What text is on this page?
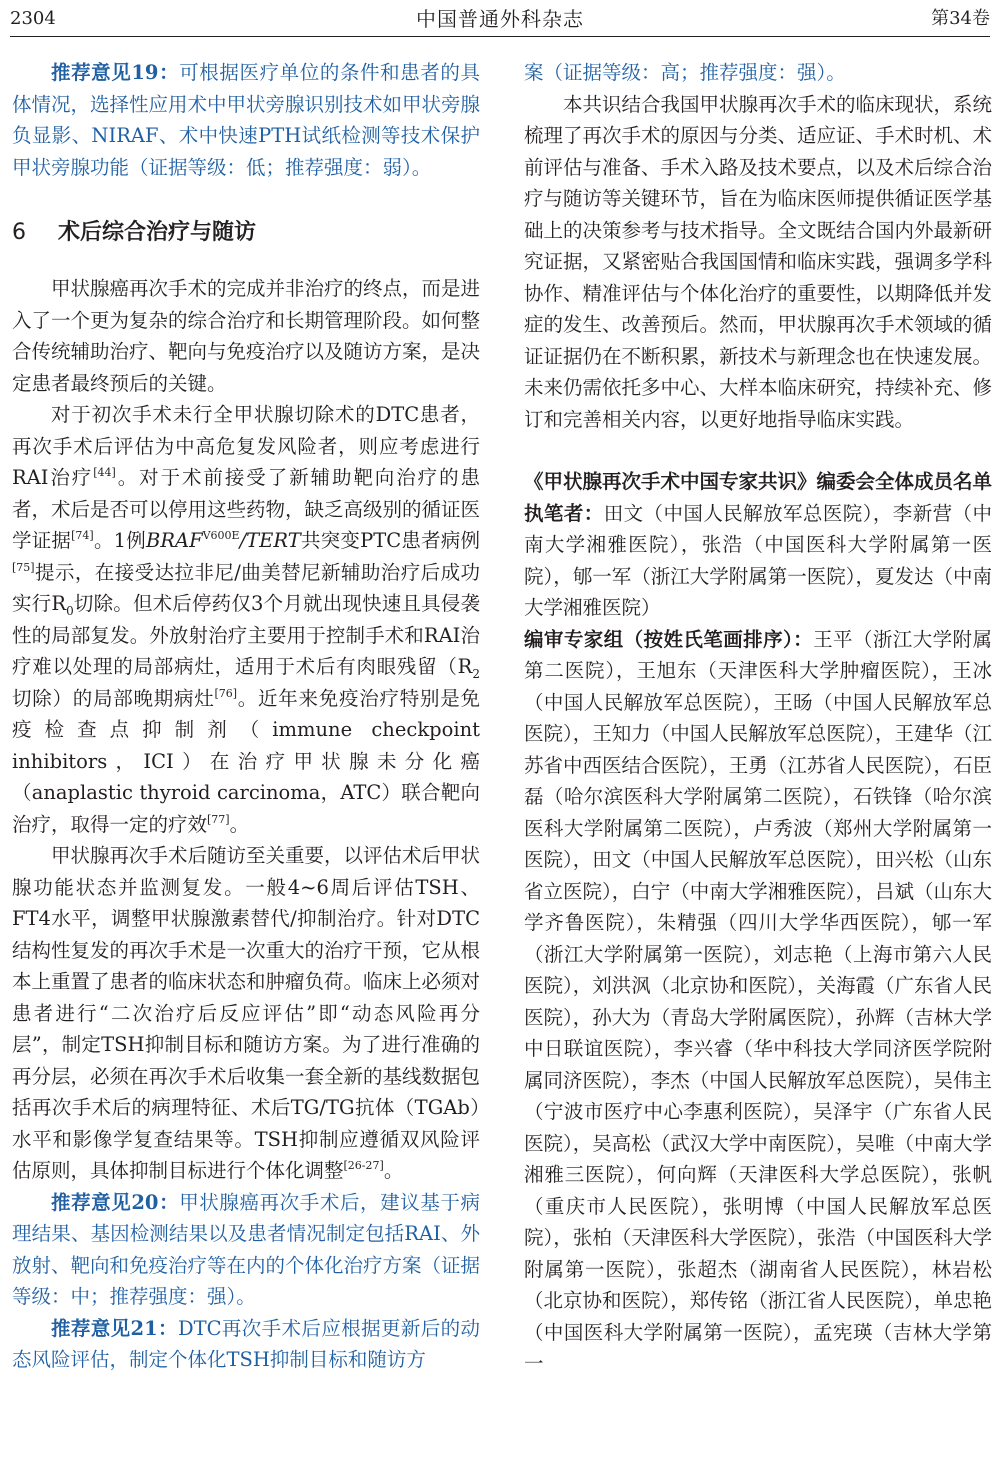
2304	中国普通外科杂志	第34卷

推荐意见19：可根据医疗单位的条件和患者的具体情况，选择性应用术中甲状旁腺识别技术如甲状旁腺负显影、NIRAF、术中快速PTH试纸检测等技术保护甲状旁腺功能（证据等级：低；推荐强度：弱）。

6 术后综合治疗与随访

甲状腺癌再次手术的完成并非治疗的终点，而是进入了一个更为复杂的综合治疗和长期管理阶段。如何整合传统辅助治疗、靶向与免疫治疗以及随访方案，是决定患者最终预后的关键。

对于初次手术未行全甲状腺切除术的DTC患者，再次手术后评估为中高危复发风险者，则应考虑进行RAI治疗[44]。对于术前接受了新辅助靶向治疗的患者，术后是否可以停用这些药物，缺乏高级别的循证医学证据[74]。1例$BRAF^{V600E}$/TERT共突变PTC患者病例[75]提示，在接受达拉非尼/曲美替尼新辅助治疗后成功实行$R_0$切除。但术后停药仅3个月就出现快速且具侵袭性的局部复发。外放射治疗主要用于控制手术和RAI治疗难以处理的局部病灶，适用于术后有肉眼残留（$R_2$切除）的局部晚期病灶[76]。近年来免疫治疗特别是免疫检查点抑制剂（immune checkpoint inhibitors，ICI）在治疗甲状腺未分化癌（anaplastic thyroid carcinoma，ATC）联合靶向治疗，取得一定的疗效[77]。

甲状腺再次手术后随访至关重要，以评估术后甲状腺功能状态并监测复发。一般4~6周后评估TSH、FT4水平，调整甲状腺激素替代/抑制治疗。针对DTC结构性复发的再次手术是一次重大的治疗干预，它从根本上重置了患者的临床状态和肿瘤负荷。临床上必须对患者进行“二次治疗后反应评估”即“动态风险再分层”，制定TSH抑制目标和随访方案。为了进行准确的再分层，必须在再次手术后收集一套全新的基线数据包括再次手术后的病理特征、术后TG/TG抗体（TGAb）水平和影像学复查结果等。TSH抑制应遵循双风险评估原则，具体抑制目标进行个体化调整[26-27]。

推荐意见20：甲状腺癌再次手术后，建议基于病理结果、基因检测结果以及患者情况制定包括RAI、外放射、靶向和免疫治疗等在内的个体化治疗方案（证据等级：中；推荐强度：强）。

推荐意见21：DTC再次手术后应根据更新后的动态风险评估，制定个体化TSH抑制目标和随访方

案（证据等级：高；推荐强度：强）。

本共识结合我国甲状腺再次手术的临床现状，系统梳理了再次手术的原因与分类、适应证、手术时机、术前评估与准备、手术入路及技术要点，以及术后综合治疗与随访等关键环节，旨在为临床医师提供循证医学基础上的决策参考与技术指导。全文既结合国内外最新研究证据，又紧密贴合我国国情和临床实践，强调多学科协作、精准评估与个体化治疗的重要性，以期降低并发症的发生、改善预后。然而，甲状腺再次手术领域的循证证据仍在不断积累，新技术与新理念也在快速发展。未来仍需依托多中心、大样本临床研究，持续补充、修订和完善相关内容，以更好地指导临床实践。

《甲状腺再次手术中国专家共识》编委会全体成员名单

执笔者：田文（中国人民解放军总医院），李新营（中南大学湘雅医院），张浩（中国医科大学附属第一医院），郇一军（浙江大学附属第一医院），夏发达（中南大学湘雅医院）

编审专家组（按姓氏笔画排序）：王平（浙江大学附属第二医院），王旭东（天津医科大学肿瘤医院），王冰（中国人民解放军总医院），王旸（中国人民解放军总医院），王知力（中国人民解放军总医院），王建华（江苏省中西医结合医院），王勇（江苏省人民医院），石臣磊（哈尔滨医科大学附属第二医院），石铁锋（哈尔滨医科大学附属第二医院），卢秀波（郑州大学附属第一医院），田文（中国人民解放军总医院），田兴松（山东省立医院），白宁（中南大学湘雅医院），吕斌（山东大学齐鲁医院），朱精强（四川大学华西医院），郇一军（浙江大学附属第一医院），刘志艳（上海市第六人民医院），刘洪沨（北京协和医院），关海霞（广东省人民医院），孙大为（青岛大学附属医院），孙辉（吉林大学中日联谊医院），李兴睿（华中科技大学同济医学院附属同济医院），李杰（中国人民解放军总医院），吴伟主（宁波市医疗中心李惠利医院），吴泽宇（广东省人民医院），吴高松（武汉大学中南医院），吴唯（中南大学湘雅三医院），何向辉（天津医科大学总医院），张帆（重庆市人民医院），张明博（中国人民解放军总医院），张柏（天津医科大学医院），张浩（中国医科大学附属第一医院），张超杰（湖南省人民医院），林岩松（北京协和医院），郑传铭（浙江省人民医院），单忠艳（中国医科大学附属第一医院），孟宪瑛（吉林大学第一
